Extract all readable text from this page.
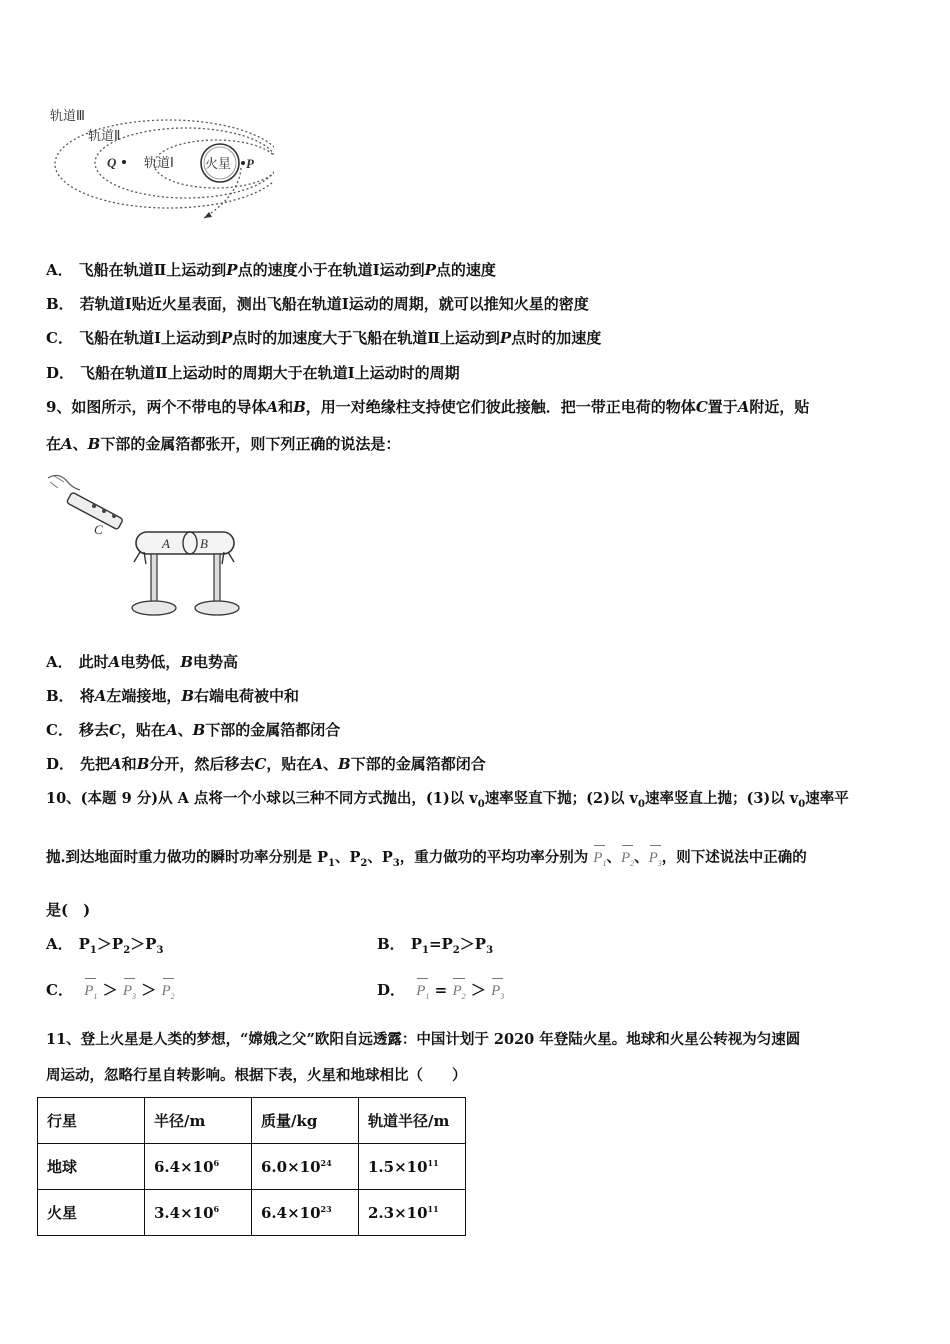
轨道Ⅲ
轨道Ⅱ
轨道Ⅰ 火星
Q	P
A． 飞船在轨道Ⅱ上运动到P点的速度小于在轨道Ⅰ运动到P点的速度
B． 若轨道Ⅰ贴近火星表面，测出飞船在轨道Ⅰ运动的周期，就可以推知火星的密度
C． 飞船在轨道Ⅰ上运动到P点时的加速度大于飞船在轨道Ⅱ上运动到P点时的加速度
D． 飞船在轨道Ⅱ上运动时的周期大于在轨道Ⅰ上运动时的周期
9、如图所示，两个不带电的导体A和B，用一对绝缘柱支持使它们彼此接触．把一带正电荷的物体C置于A附近，贴
在A、B下部的金属箔都张开，则下列正确的说法是：
C
A B
A． 此时A电势低，B电势高
B． 将A左端接地，B右端电荷被中和
C． 移去C，贴在A、B下部的金属箔都闭合
D． 先把A和B分开，然后移去C，贴在A、B下部的金属箔都闭合
10、(本题 9 分)从 A 点将一个小球以三种不同方式抛出，(1)以 $v_0$速率竖直下抛；(2)以 $v_0$速率竖直上抛；(3)以 $v_0$速率平
抛.到达地面时重力做功的瞬时功率分别是 $P_1$、$P_2$、$P_3$，重力做功的平均功率分别为 $P_1$、$P_2$、$P_3$，则下述说法中正确的
是(　)
A． $P_1>P_2>P_3$	B． $P_1=P_2>P_3$
C． $P_1 > P_3 > P_2$	D． $P_1 = P_2 > P_3$
11、登上火星是人类的梦想，“嫦娥之父”欧阳自远透露：中国计划于 2020 年登陆火星。地球和火星公转视为匀速圆
周运动，忽略行星自转影响。根据下表，火星和地球相比（　　）
行星	半径/m	质量/kg	轨道半径/m
地球	$6.4\times 10^6$	$6.0\times 10^{24}$	$1.5\times 10^{11}$
火星	$3.4\times 10^6$	$6.4\times 10^{23}$	$2.3\times 10^{11}$
